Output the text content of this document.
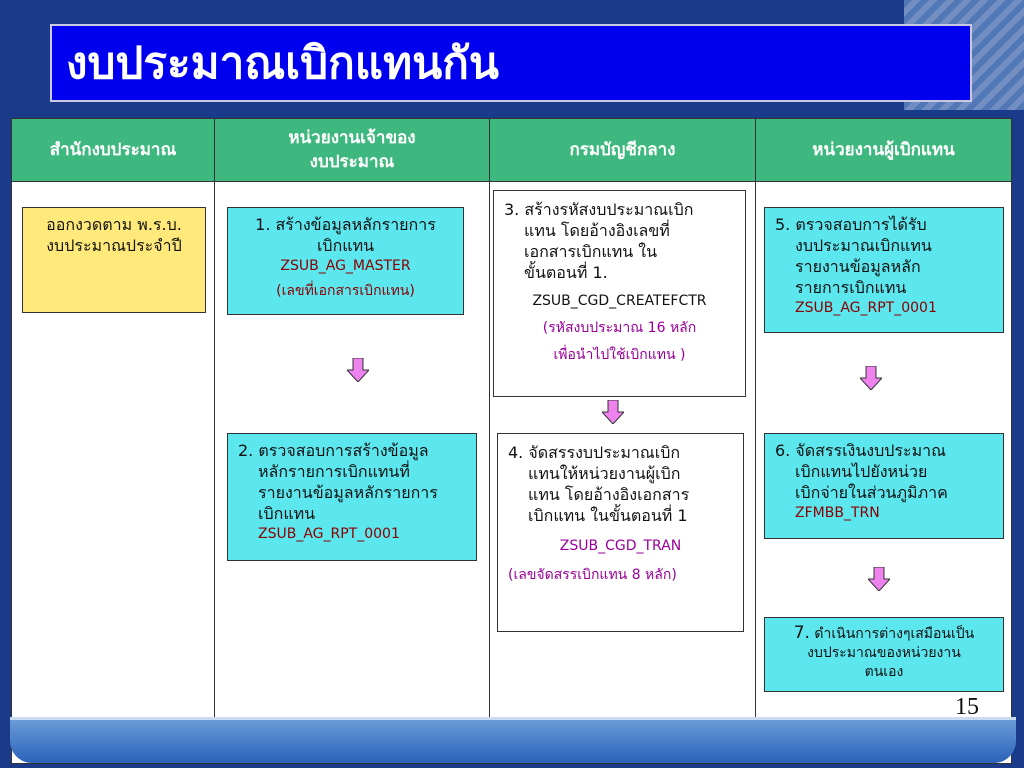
งบประมาณเบิกแทนกัน
สำนักงบประมาณ
หน่วยงานเจ้าของ
งบประมาณ
กรมบัญชีกลาง	หน่วยงานผู้เบิกแทน
ออกงวดตาม พ.ร.บ.
งบประมาณประจำปี
1. สร้างข้อมูลหลักรายการ
เบิกแทน
ZSUB_AG_MASTER
(เลขที่เอกสารเบิกแทน)
2. ตรวจสอบการสร้างข้อมูล
หลักรายการเบิกแทนที่
รายงานข้อมูลหลักรายการ
เบิกแทน
ZSUB_AG_RPT_0001
3. สร้างรหัสงบประมาณเบิก
แทน โดยอ้างอิงเลขที่
เอกสารเบิกแทน ใน
ขั้นตอนที่ 1.
ZSUB_CGD_CREATEFCTR
(รหัสงบประมาณ 16 หลัก
เพื่อนำไปใช้เบิกแทน )
4. จัดสรรงบประมาณเบิก
แทนให้หน่วยงานผู้เบิก
แทน โดยอ้างอิงเอกสาร
เบิกแทน ในขั้นตอนที่ 1
ZSUB_CGD_TRAN
(เลขจัดสรรเบิกแทน 8 หลัก)
5. ตรวจสอบการได้รับ
งบประมาณเบิกแทน
รายงานข้อมูลหลัก
รายการเบิกแทน
ZSUB_AG_RPT_0001
6. จัดสรรเงินงบประมาณ
เบิกแทนไปยังหน่วย
เบิกจ่ายในส่วนภูมิภาค
ZFMBB_TRN
7. ดำเนินการต่างๆเสมือนเป็น
งบประมาณของหน่วยงาน
ตนเอง
15
